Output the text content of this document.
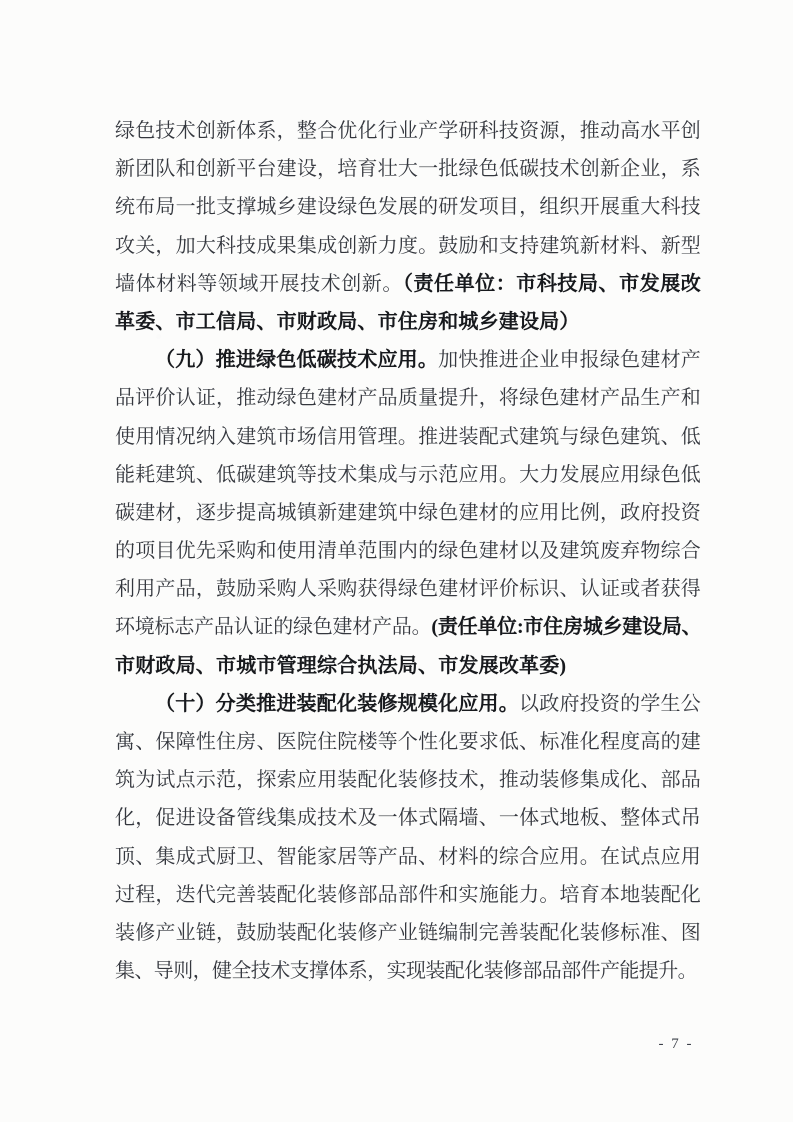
绿色技术创新体系，整合优化行业产学研科技资源，推动高水平创
新团队和创新平台建设，培育壮大一批绿色低碳技术创新企业，系
统布局一批支撑城乡建设绿色发展的研发项目，组织开展重大科技
攻关，加大科技成果集成创新力度。鼓励和支持建筑新材料、新型
墙体材料等领域开展技术创新。（责任单位：市科技局、市发展改
革委、市工信局、市财政局、市住房和城乡建设局）
（九）推进绿色低碳技术应用。加快推进企业申报绿色建材产
品评价认证，推动绿色建材产品质量提升，将绿色建材产品生产和
使用情况纳入建筑市场信用管理。推进装配式建筑与绿色建筑、低
能耗建筑、低碳建筑等技术集成与示范应用。大力发展应用绿色低
碳建材，逐步提高城镇新建建筑中绿色建材的应用比例，政府投资
的项目优先采购和使用清单范围内的绿色建材以及建筑废弃物综合
利用产品，鼓励采购人采购获得绿色建材评价标识、认证或者获得
环境标志产品认证的绿色建材产品。(责任单位:市住房城乡建设局、
市财政局、市城市管理综合执法局、市发展改革委)
（十）分类推进装配化装修规模化应用。以政府投资的学生公
寓、保障性住房、医院住院楼等个性化要求低、标准化程度高的建
筑为试点示范，探索应用装配化装修技术，推动装修集成化、部品
化，促进设备管线集成技术及一体式隔墙、一体式地板、整体式吊
顶、集成式厨卫、智能家居等产品、材料的综合应用。在试点应用
过程，迭代完善装配化装修部品部件和实施能力。培育本地装配化
装修产业链，鼓励装配化装修产业链编制完善装配化装修标准、图
集、导则，健全技术支撑体系，实现装配化装修部品部件产能提升。
- 7 -
